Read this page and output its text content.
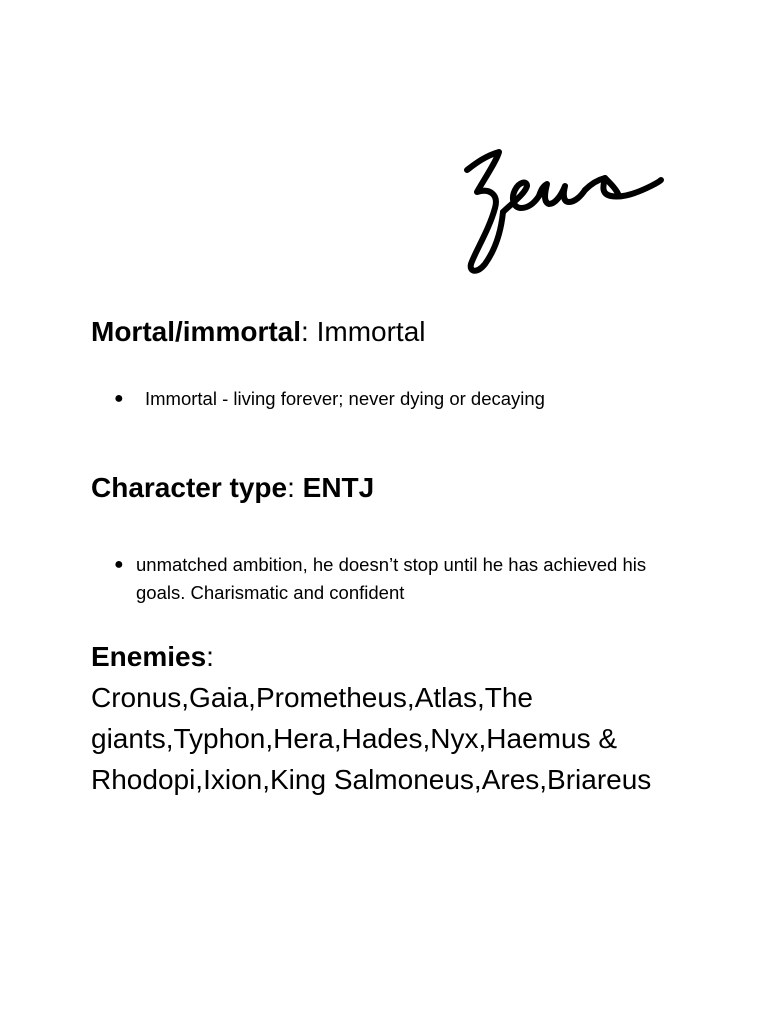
Mortal/immortal: Immortal
●	Immortal - living forever; never dying or decaying
Character type: ENTJ
● unmatched ambition, he doesn’t stop until he has achieved his goals. Charismatic and confident
Enemies:
Cronus,Gaia,Prometheus,Atlas,The giants,Typhon,Hera,Hades,Nyx,Haemus & Rhodopi,Ixion,King Salmoneus,Ares,Briareus
